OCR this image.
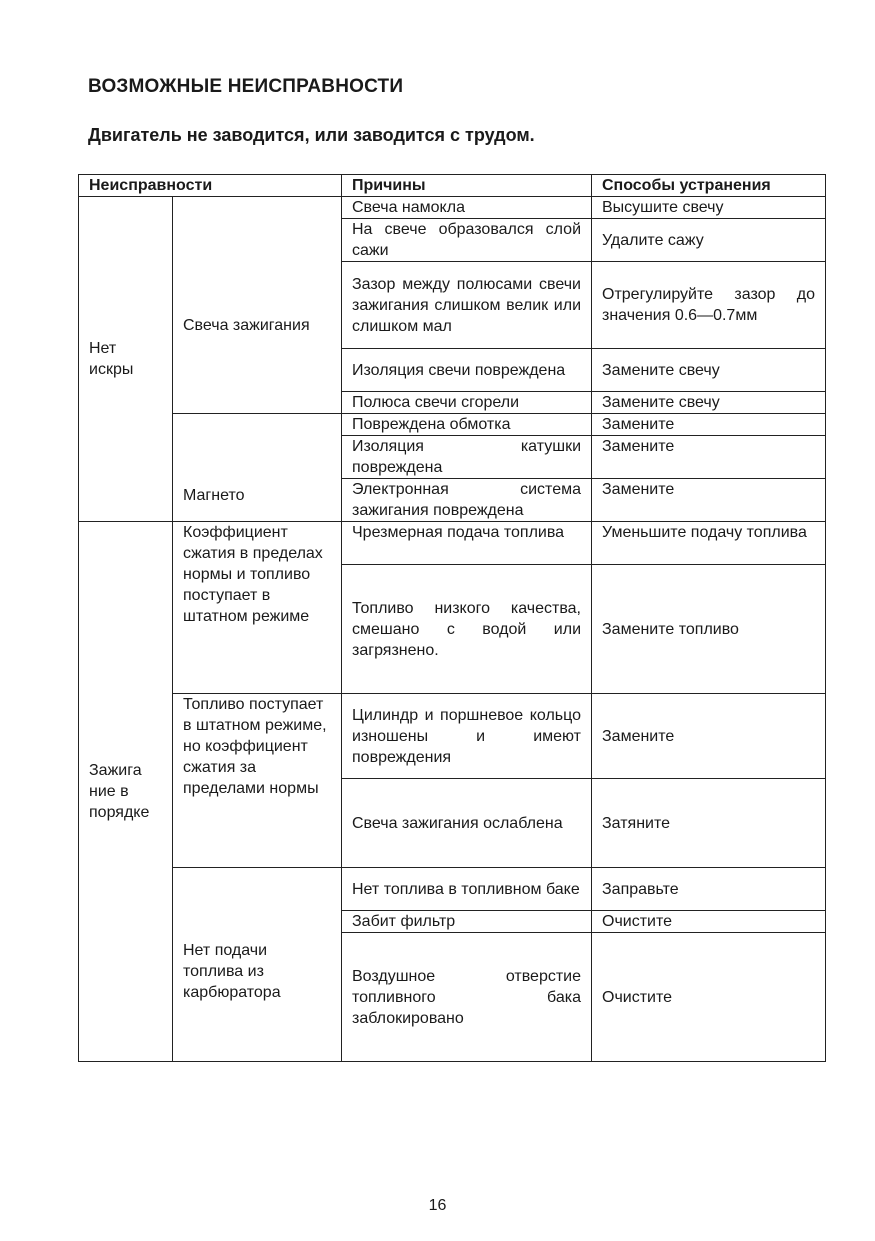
ВОЗМОЖНЫЕ НЕИСПРАВНОСТИ
Двигатель не заводится, или заводится с трудом.
Неисправности		Причины	Способы устранения
Нет искры	Свеча зажигания	Свеча намокла	Высушите свечу
		На свече образовался слой сажи	Удалите сажу
		Зазор между полюсами свечи зажигания слишком велик или слишком мал	Отрегулируйте зазор до значения 0.6—0.7мм
		Изоляция свечи повреждена	Замените свечу
		Полюса свечи сгорели	Замените свечу
	Магнето	Повреждена обмотка	Замените
		Изоляция катушки повреждена	Замените
		Электронная система зажигания повреждена	Замените
Зажига ние в порядке	Коэффициент сжатия в пределах нормы и топливо поступает в штатном режиме	Чрезмерная подача топлива	Уменьшите подачу топлива
		Топливо низкого качества, смешано с водой или загрязнено.	Замените топливо
	Топливо поступает в штатном режиме, но коэффициент сжатия за пределами нормы	Цилиндр и поршневое кольцо изношены и имеют повреждения	Замените
		Свеча зажигания ослаблена	Затяните
	Нет подачи топлива из карбюратора	Нет топлива в топливном баке	Заправьте
		Забит фильтр	Очистите
		Воздушное отверстие топливного бака заблокировано	Очистите
16
